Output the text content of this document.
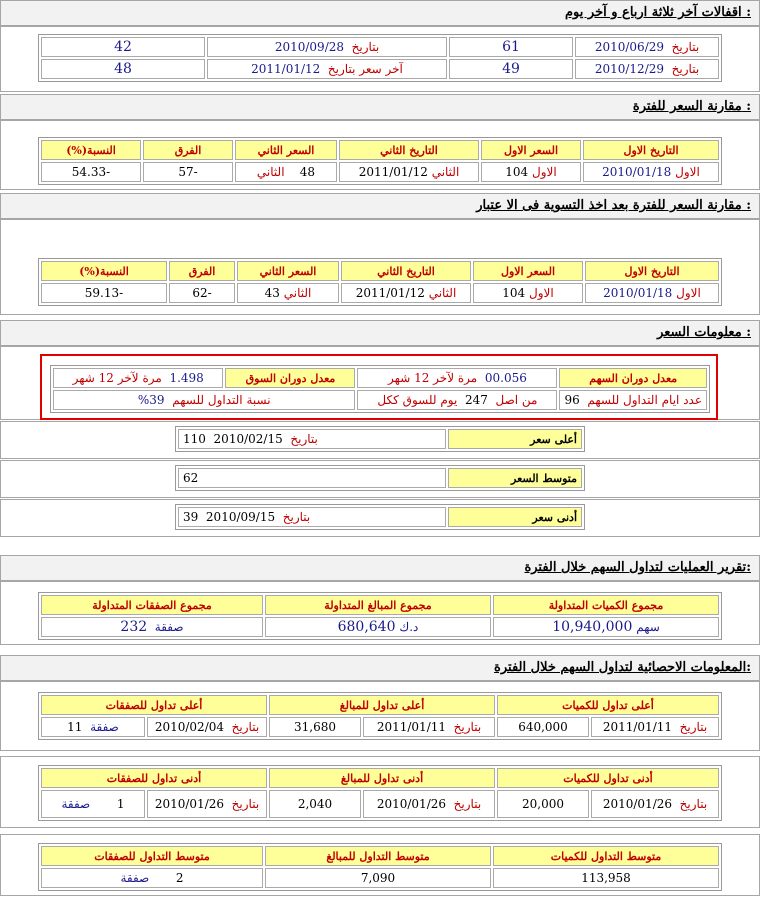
اقفالات آخر ثلاثة ارباع و آخر يوم :
بتاريخ  2010/06/29	61	بتاريخ  2010/09/28	42
بتاريخ  2010/12/29	49	آخر سعر بتاريخ  2011/01/12	48
مقارنة السعر للفترة :
التاريخ الاول	السعر الاول	التاريخ الثاني	السعر الثاني	الفرق	النسبة(%)
الاول 2010/01/18	الاول 104	الثاني 2011/01/12	48    الثاني	-57	-54.33
مقارنة السعر للفترة بعد اخذ التسوية فى الا عتبار :
التاريخ الاول	السعر الاول	التاريخ الثاني	السعر الثاني	الفرق	النسبة(%)
الاول 2010/01/18	الاول 104	الثاني 2011/01/12	الثاني 43	-62	-59.13
معلومات السعر :
معدل دوران السهم	00.056  مرة لآخر 12 شهر	معدل دوران السوق	1.498  مرة لآخر 12 شهر
عدد ايام التداول للسهم  96	من اصل  247  يوم للسوق ككل	نسبة التداول للسهم  39%	
أعلى سعر	بتاريخ  2010/02/15  110
متوسط السعر	62
أدنى سعر	بتاريخ  2010/09/15  39
تقرير العمليات لتداول السهم خلال الفترة:
مجموع الكميات المتداولة	مجموع المبالغ المتداولة	مجموع الصفقات المتداولة
سهم 10,940,000	د.ك 680,640	صفقة  232
المعلومات الاحصائية لتداول السهم خلال الفترة:
أعلى تداول للكميات		أعلى تداول للمبالغ		أعلى تداول للصفقات	
بتاريخ  2011/01/11	640,000	بتاريخ  2011/01/11	31,680	بتاريخ  2010/02/04	صفقة  11
أدنى تداول للكميات		أدنى تداول للمبالغ		أدنى تداول للصفقات	
بتاريخ  2010/01/26	20,000	بتاريخ  2010/01/26	2,040	بتاريخ  2010/01/26	1       صفقة
متوسط التداول للكميات	متوسط التداول للمبالغ	متوسط التداول للصفقات
113,958	7,090	2       صفقة
